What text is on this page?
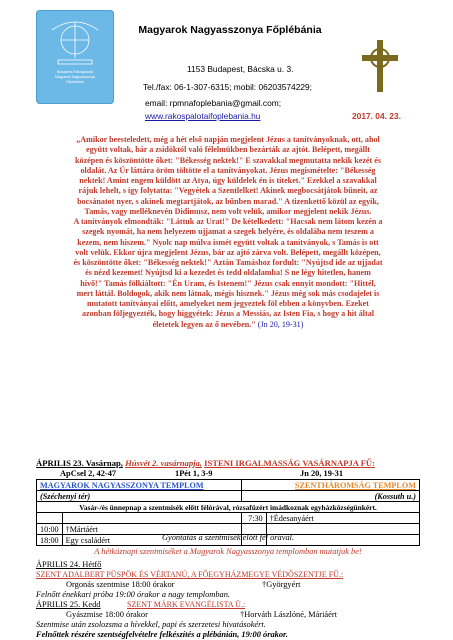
Budapest-Rákospalota
Magyarok Nagyasszonya
Főplébánia
Magyarok Nagyasszonya Főplébánia
1153 Budapest, Bácska u. 3.
Tel./fax: 06-1-307-6315; mobil: 06203574229;
email: rpmnafoplebania@gmail.com;
www.rakospalotaifoplebania.hu	2017. 04. 23.
„Amikor beesteledett, még a hét első napján megjelent Jézus a tanítványoknak, ott, ahol
együtt voltak, bár a zsidóktól való félelmükben bezárták az ajtót. Belépett, megállt
középen és köszöntötte őket: "Békesség nektek!" E szavakkal megmutatta nekik kezét és
oldalát. Az Úr láttára öröm töltötte el a tanítványokat. Jézus megismételte: "Békesség
nektek! Amint engem küldött az Atya, úgy küldelek én is titeket." Ezekkel a szavakkal
rájuk lehelt, s így folytatta: "Vegyétek a Szentlelket! Akinek megbocsátjátok bűneit, az
bocsánatot nyer, s akinek megtartjátok, az bűnben marad." A tizenkettő közül az egyik,
Tamás, vagy melléknevén Didimusz, nem volt velük, amikor megjelent nekik Jézus.
A tanítványok elmondták: "Láttuk az Urat!" De kételkedett: "Hacsak nem látom kezén a
szegek nyomát, ha nem helyezem ujjamat a szegek helyére, és oldalába nem teszem a
kezem, nem hiszem." Nyolc nap múlva ismét együtt voltak a tanítványok, s Tamás is ott
volt velük. Ekkor újra megjelent Jézus, bár az ajtó zárva volt. Belépett, megállt középen,
és köszöntötte őket: "Békesség nektek!" Aztán Tamáshoz fordult: "Nyújtsd ide az ujjadat
és nézd kezemet! Nyújtsd ki a kezedet és tedd oldalamba! S ne légy hitetlen, hanem
hívő!" Tamás fölkiáltott: "Én Uram, és Istenem!" Jézus csak ennyit mondott: "Hittél,
mert láttál. Boldogok, akik nem látnak, mégis hisznek." Jézus még sok más csodajelet is
mutatott tanítványai előtt, amelyeket nem jegyeztek föl ebben a könyvben. Ezeket
azonban följegyezték, hogy higgyétek: Jézus a Messiás, az Isten Fia, s hogy a hit által
életetek legyen az ő nevében." (Jn 20, 19-31)
ÁPRILIS 23. Vasárnap, Húsvét 2. vasárnapja, ISTENI IRGALMASSÁG VASÁRNAPJA FŰ:
ApCsel 2, 42-47	1Pét 1, 3-9	Jn 20, 19-31
MAGYAROK NAGYASSZONYA TEMPLOM		SZENTHÁROMSÁG TEMPLOM	
(Széchenyi tér)		(Kossuth u.)	
Vasár-/és ünnepnap a szentmisék előtt félórával, rózsafüzért imádkoznak egyházközségünkért.			
		7:30	†Édesanyáért
10:00	†Mártáért		
18:00	Egy családért			Gyóntatás a szentmisék előtt fél órával.
A hétköznapi szentmiséket a Magyarok Nagyasszonya templomban mutatjuk be!
ÁPRILIS 24. Hétfő
SZENT ADALBERT PÜSPÖK ÉS VÉRTANÚ, A FŐEGYHÁZMEGYE VÉDŐSZENTJE FŰ.:
Orgonás szentmise 18:00 órakor	†Györgyért
Felnőtt énekkari próba 19:00 órakor a nagy templomban.
ÁPRILIS 25. Kedd	SZENT MÁRK EVANGÉLISTA Ü.:
Gyászmise 18:00 órakor	†Horváth Lászlóné, Máriáért
Szentmise után zsolozsma a hívekkel, papi és szerzetesi hivatásokért.
Felnőttek részére szentségfelvételre felkészítés a plébánián, 19:00 órakor.
